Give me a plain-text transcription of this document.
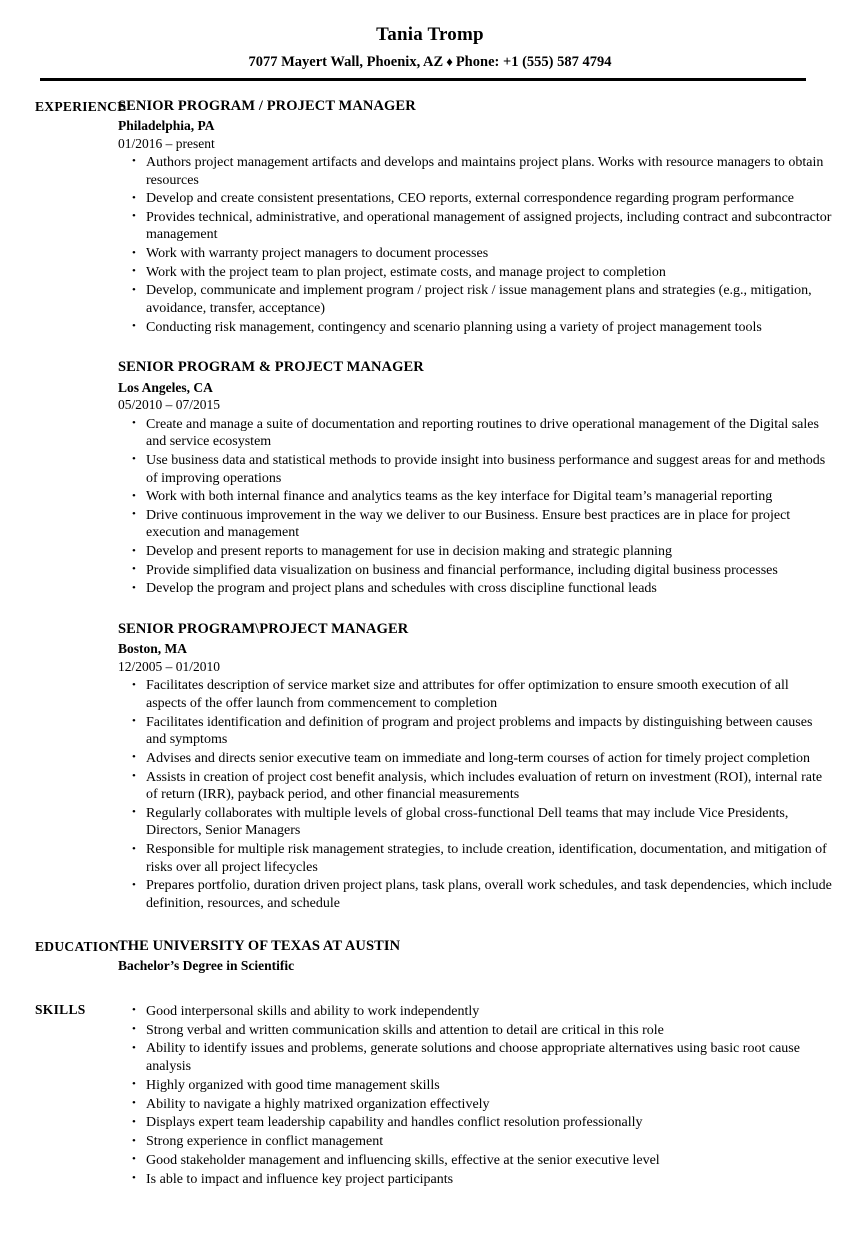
Tania Tromp
7077 Mayert Wall, Phoenix, AZ ♦ Phone: +1 (555) 587 4794
EXPERIENCE
SENIOR PROGRAM / PROJECT MANAGER
Philadelphia, PA
01/2016 – present
• Authors project management artifacts and develops and maintains project plans. Works with resource managers to obtain resources
• Develop and create consistent presentations, CEO reports, external correspondence regarding program performance
• Provides technical, administrative, and operational management of assigned projects, including contract and subcontractor management
• Work with warranty project managers to document processes
• Work with the project team to plan project, estimate costs, and manage project to completion
• Develop, communicate and implement program / project risk / issue management plans and strategies (e.g., mitigation, avoidance, transfer, acceptance)
• Conducting risk management, contingency and scenario planning using a variety of project management tools
SENIOR PROGRAM & PROJECT MANAGER
Los Angeles, CA
05/2010 – 07/2015
• Create and manage a suite of documentation and reporting routines to drive operational management of the Digital sales and service ecosystem
• Use business data and statistical methods to provide insight into business performance and suggest areas for and methods of improving operations
• Work with both internal finance and analytics teams as the key interface for Digital team’s managerial reporting
• Drive continuous improvement in the way we deliver to our Business. Ensure best practices are in place for project execution and management
• Develop and present reports to management for use in decision making and strategic planning
• Provide simplified data visualization on business and financial performance, including digital business processes
• Develop the program and project plans and schedules with cross discipline functional leads
SENIOR PROGRAM\PROJECT MANAGER
Boston, MA
12/2005 – 01/2010
• Facilitates description of service market size and attributes for offer optimization to ensure smooth execution of all aspects of the offer launch from commencement to completion
• Facilitates identification and definition of program and project problems and impacts by distinguishing between causes and symptoms
• Advises and directs senior executive team on immediate and long-term courses of action for timely project completion
• Assists in creation of project cost benefit analysis, which includes evaluation of return on investment (ROI), internal rate of return (IRR), payback period, and other financial measurements
• Regularly collaborates with multiple levels of global cross-functional Dell teams that may include Vice Presidents, Directors, Senior Managers
• Responsible for multiple risk management strategies, to include creation, identification, documentation, and mitigation of risks over all project lifecycles
• Prepares portfolio, duration driven project plans, task plans, overall work schedules, and task dependencies, which include definition, resources, and schedule
EDUCATION
THE UNIVERSITY OF TEXAS AT AUSTIN
Bachelor’s Degree in Scientific
SKILLS	• Good interpersonal skills and ability to work independently
• Strong verbal and written communication skills and attention to detail are critical in this role
• Ability to identify issues and problems, generate solutions and choose appropriate alternatives using basic root cause analysis
• Highly organized with good time management skills
• Ability to navigate a highly matrixed organization effectively
• Displays expert team leadership capability and handles conflict resolution professionally
• Strong experience in conflict management
• Good stakeholder management and influencing skills, effective at the senior executive level
• Is able to impact and influence key project participants
